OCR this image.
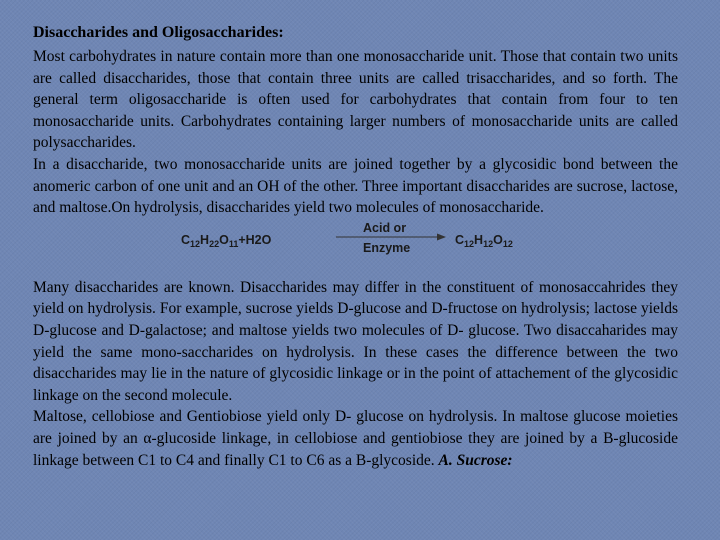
Disaccharides and Oligosaccharides:

Most carbohydrates in nature contain more than one monosaccharide unit. Those that contain two units are called disaccharides, those that contain three units are called trisaccharides, and so forth. The general term oligosaccharide is often used for carbohydrates that contain from four to ten monosaccharide units. Carbohydrates containing larger numbers of monosaccharide units are called polysaccharides.

In a disaccharide, two monosaccharide units are joined together by a glycosidic bond between the anomeric carbon of one unit and an OH of the other. Three important disaccharides are sucrose, lactose, and maltose.On hydrolysis, disaccharides yield two molecules of monosaccharide.

$C_{12}H_{22}O_{11}+H2O$
Acid or
Enzyme
$C_{12}H_{12}O_{12}$

Many disaccharides are known. Disaccharides may differ in the constituent of monosaccahrides they yield on hydrolysis. For example, sucrose yields D-glucose and D-fructose on hydrolysis; lactose yields D-glucose and D-galactose; and maltose yields two molecules of D- glucose. Two disaccaharides may yield the same mono-saccharides on hydrolysis. In these cases the difference between the two disaccharides may lie in the nature of glycosidic linkage or in the point of attachement of the glycosidic linkage on the second molecule.

Maltose, cellobiose and Gentiobiose yield only D- glucose on hydrolysis. In maltose glucose moieties are joined by an α-glucoside linkage, in cellobiose and gentiobiose they are joined by a B-glucoside linkage between C1 to C4 and finally C1 to C6 as a B-glycoside. A. Sucrose:
